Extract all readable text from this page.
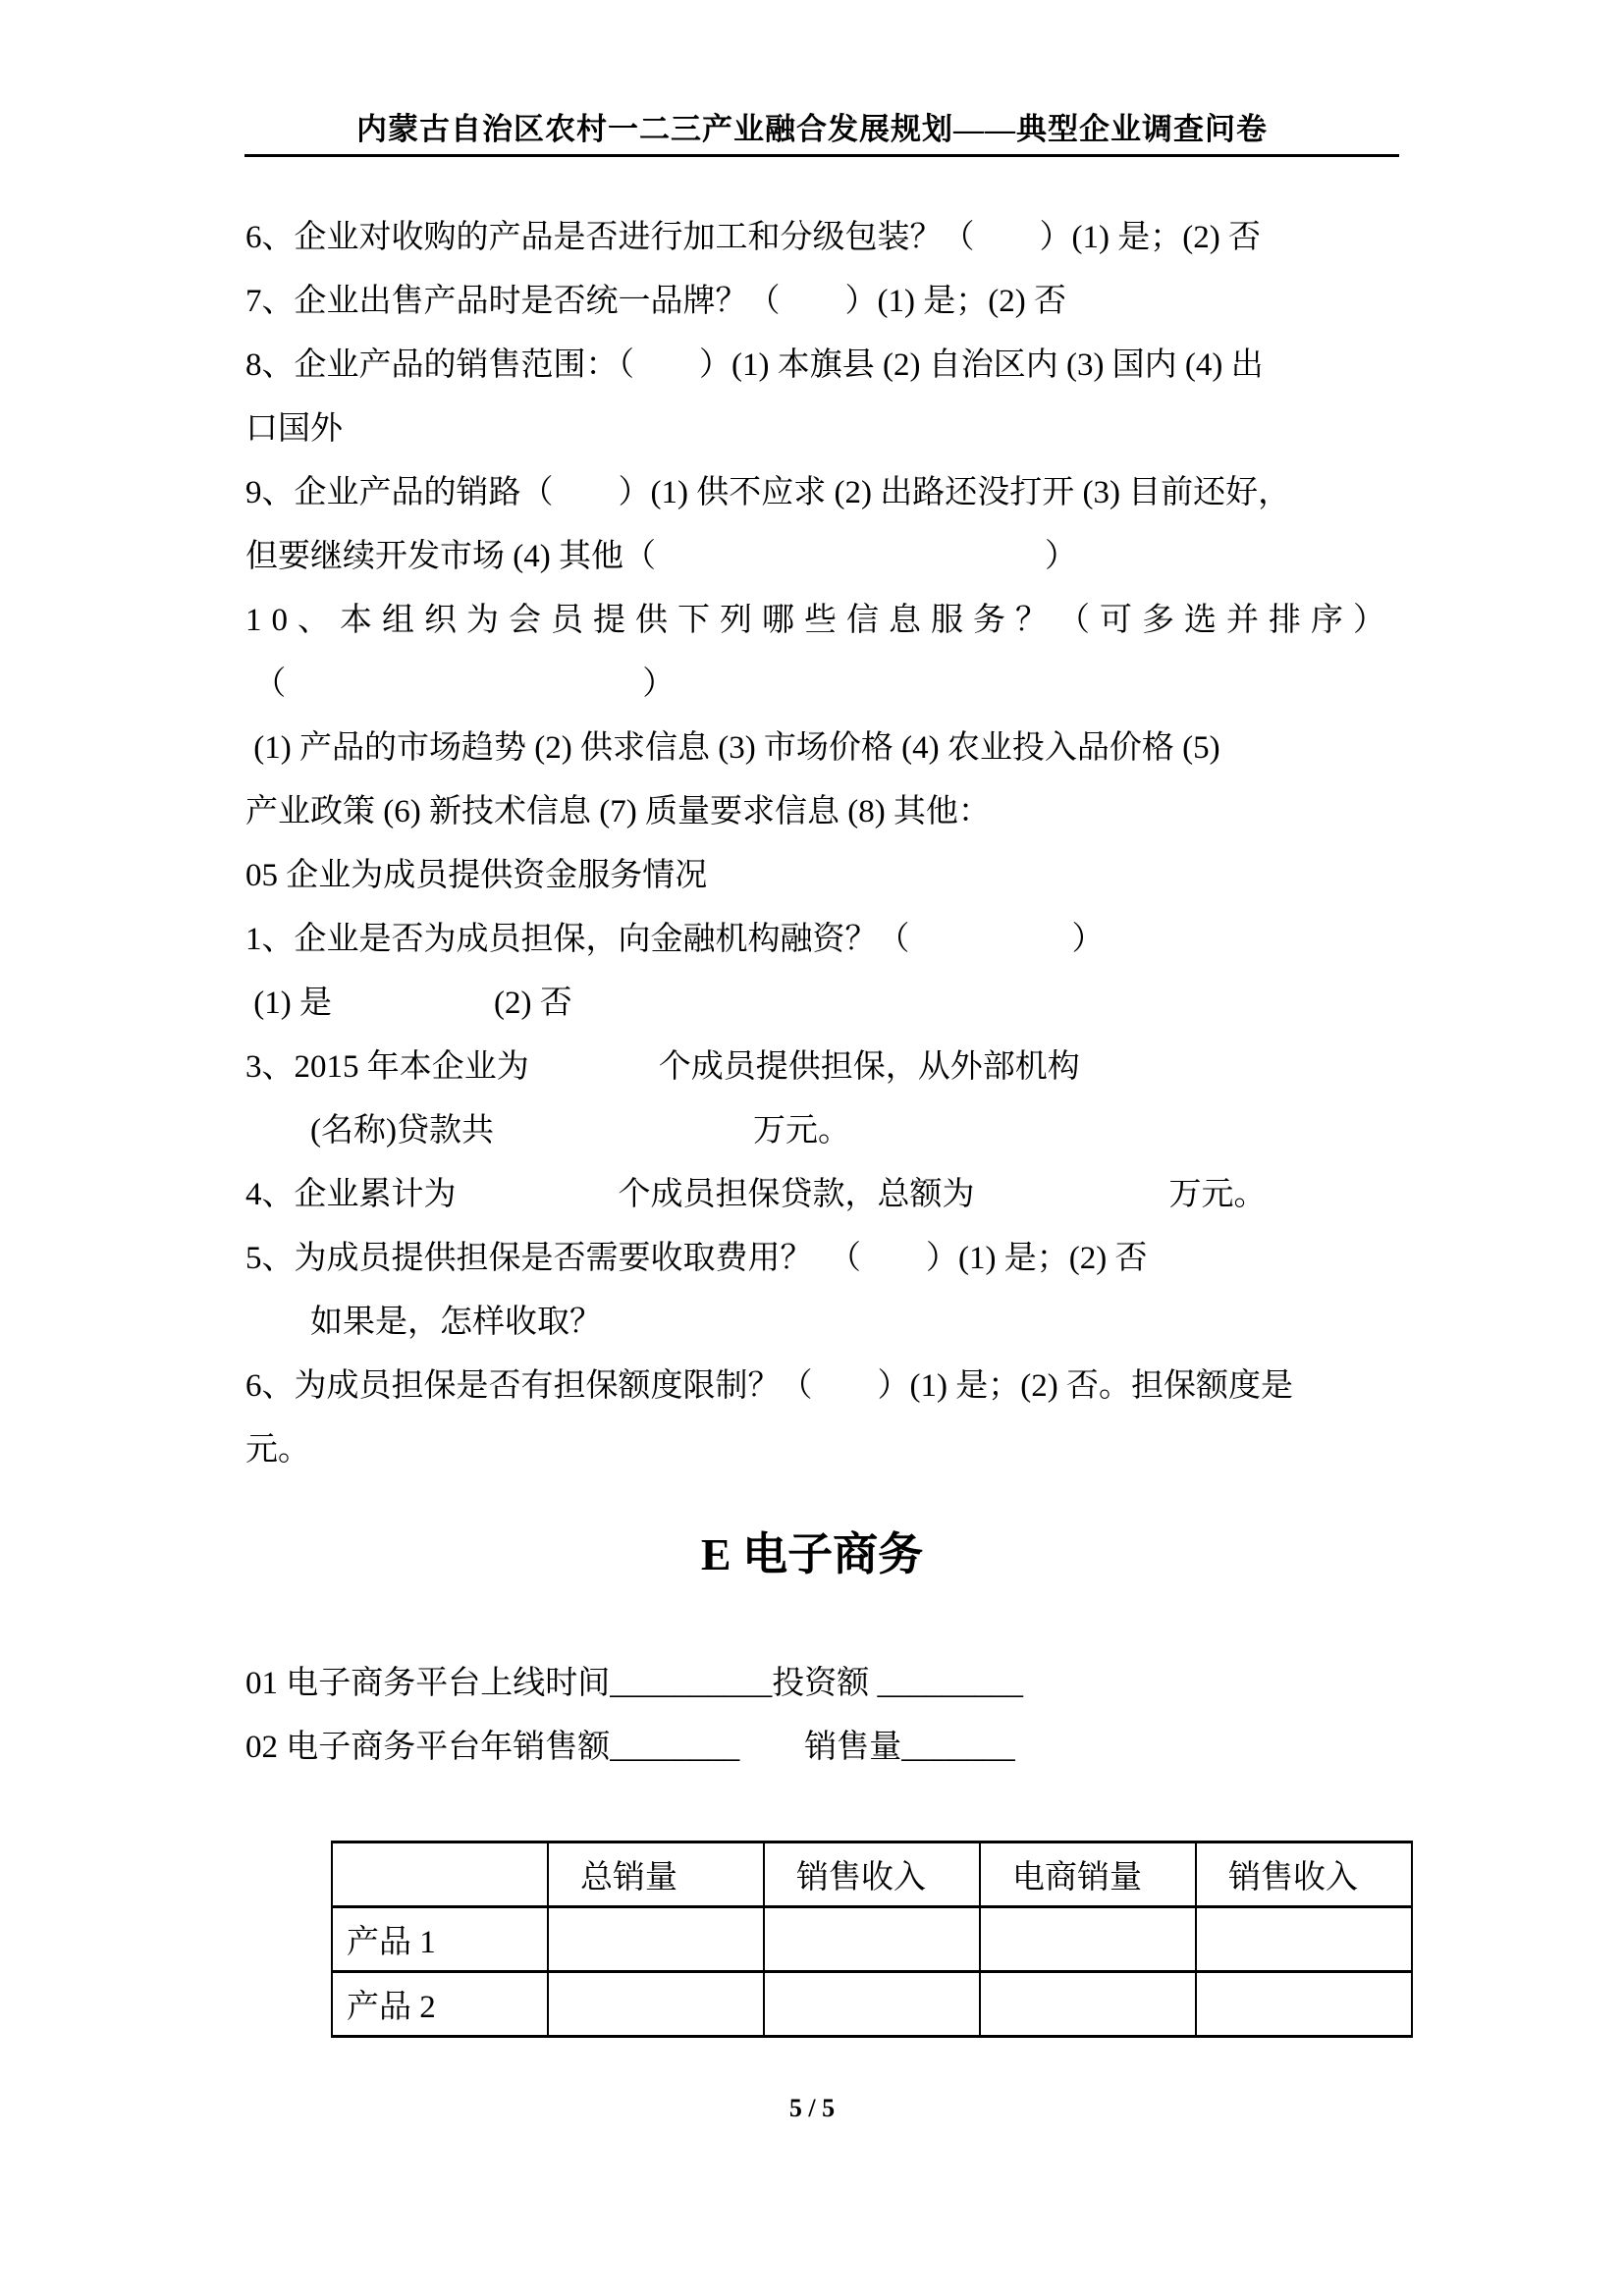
内蒙古自治区农村一二三产业融合发展规划——典型企业调查问卷
6、企业对收购的产品是否进行加工和分级包装？（　　）(1) 是；(2) 否
7、企业出售产品时是否统一品牌？（　　）(1) 是；(2) 否
8、企业产品的销售范围：（　　）(1) 本旗县 (2) 自治区内 (3) 国内 (4) 出
口国外
9、企业产品的销路（　　）(1) 供不应求 (2) 出路还没打开 (3) 目前还好，
但要继续开发市场 (4) 其他（　　　　　　　　　　　　）
10、本组织为会员提供下列哪些信息服务？（可多选并排序）
（　　　　　　　　　　　）
(1) 产品的市场趋势 (2) 供求信息 (3) 市场价格 (4) 农业投入品价格 (5)
产业政策 (6) 新技术信息 (7) 质量要求信息 (8) 其他：
05 企业为成员提供资金服务情况
1、企业是否为成员担保，向金融机构融资？（　　　　　）
(1) 是　　　　　(2) 否
3、2015 年本企业为　　　　个成员提供担保，从外部机构
　　(名称)贷款共　　　　　　　　万元。
4、企业累计为　　　　　个成员担保贷款，总额为　　　　　　万元。
5、为成员提供担保是否需要收取费用？　（　　）(1) 是；(2) 否
　　如果是，怎样收取？
6、为成员担保是否有担保额度限制？（　　）(1) 是；(2) 否。担保额度是
元。
E 电子商务
01 电子商务平台上线时间__________投资额 _________
02 电子商务平台年销售额________　　销售量_______
	总销量	销售收入	电商销量	销售收入
产品 1				
产品 2				
5 / 5
